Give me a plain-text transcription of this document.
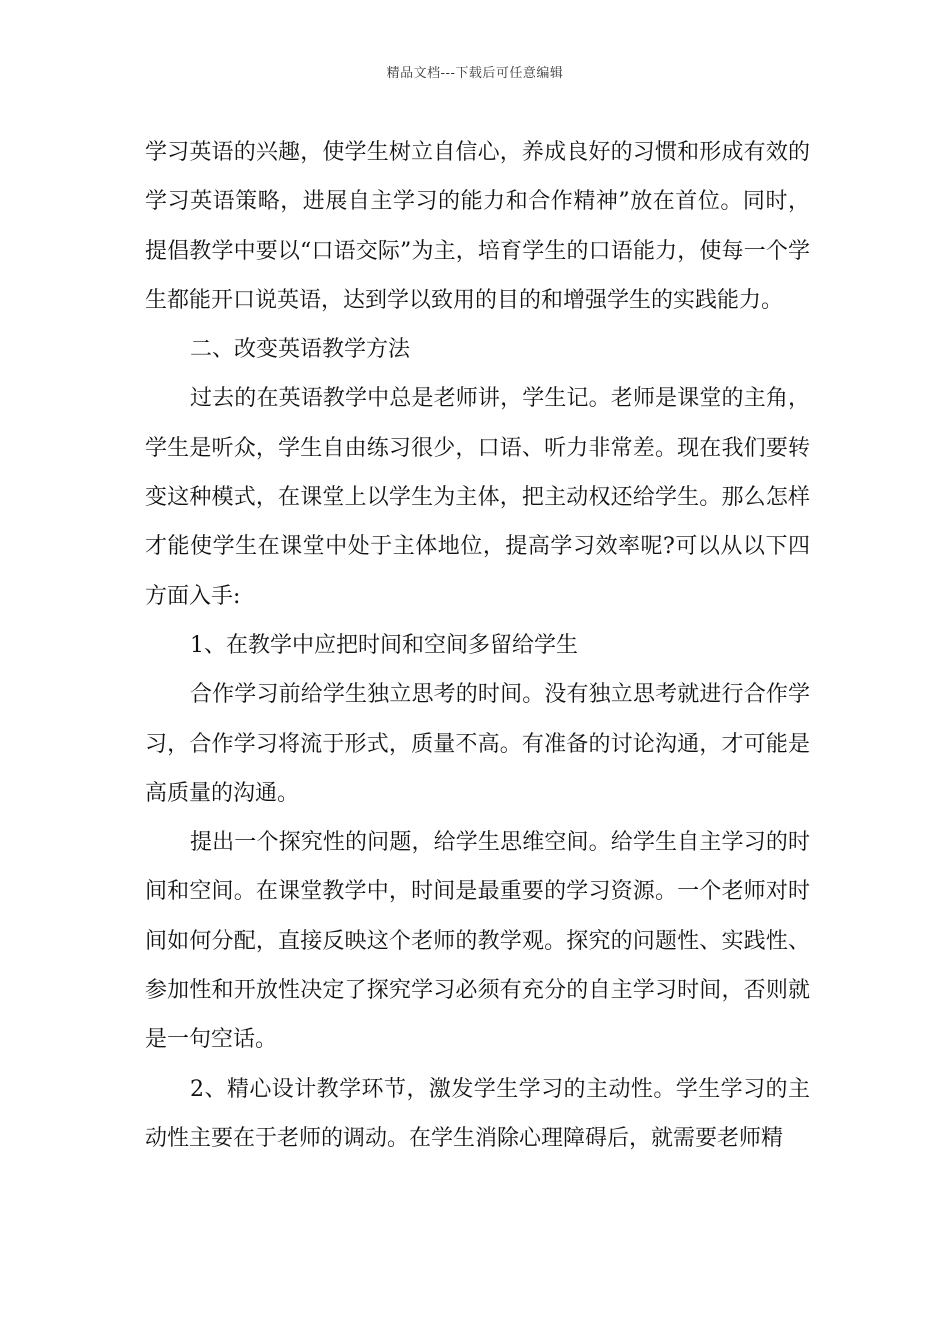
精品文档---下载后可任意编辑

学习英语的兴趣，使学生树立自信心，养成良好的习惯和形成有效的学习英语策略，进展自主学习的能力和合作精神”放在首位。同时，提倡教学中要以“口语交际”为主，培育学生的口语能力，使每一个学生都能开口说英语，达到学以致用的目的和增强学生的实践能力。

二、改变英语教学方法

过去的在英语教学中总是老师讲，学生记。老师是课堂的主角，学生是听众，学生自由练习很少，口语、听力非常差。现在我们要转变这种模式，在课堂上以学生为主体，把主动权还给学生。那么怎样才能使学生在课堂中处于主体地位，提高学习效率呢?可以从以下四方面入手:

1、在教学中应把时间和空间多留给学生

合作学习前给学生独立思考的时间。没有独立思考就进行合作学习，合作学习将流于形式，质量不高。有准备的讨论沟通，才可能是高质量的沟通。

提出一个探究性的问题，给学生思维空间。给学生自主学习的时间和空间。在课堂教学中，时间是最重要的学习资源。一个老师对时间如何分配，直接反映这个老师的教学观。探究的问题性、实践性、参加性和开放性决定了探究学习必须有充分的自主学习时间，否则就是一句空话。

2、精心设计教学环节，激发学生学习的主动性。学生学习的主动性主要在于老师的调动。在学生消除心理障碍后，就需要老师精
